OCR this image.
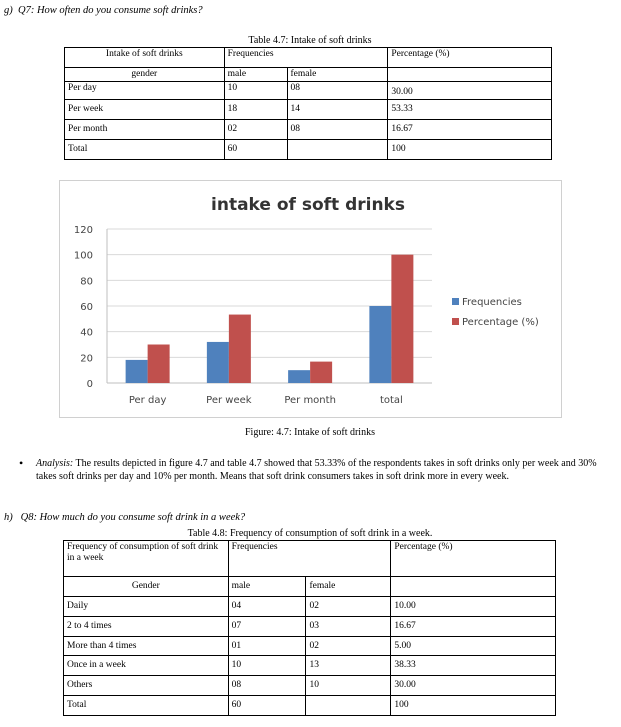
g) Q7: How often do you consume soft drinks?
Table 4.7: Intake of soft drinks
Intake of soft drinks	Frequencies		Percentage (%)
gender	male	female	
Per day	10	08	30.00
Per week	18	14	53.33
Per month	02	08	16.67
Total	60		100
intake of soft drinks
0
20
40
60
80
100
120
Per day	Per week	Per month	total
Frequencies
Percentage (%)
Figure: 4.7: Intake of soft drinks
• Analysis: The results depicted in figure 4.7 and table 4.7 showed that 53.33% of the respondents takes in soft drinks only per week and 30% takes soft drinks per day and 10% per month. Means that soft drink consumers takes in soft drink more in every week.
h) Q8: How much do you consume soft drink in a week?
Table 4.8: Frequency of consumption of soft drink in a week.
Frequency of consumption of soft drink in a week	Frequencies		Percentage (%)
Gender	male	female	
Daily	04	02	10.00
2 to 4 times	07	03	16.67
More than 4 times	01	02	5.00
Once in a week	10	13	38.33
Others	08	10	30.00
Total	60		100
